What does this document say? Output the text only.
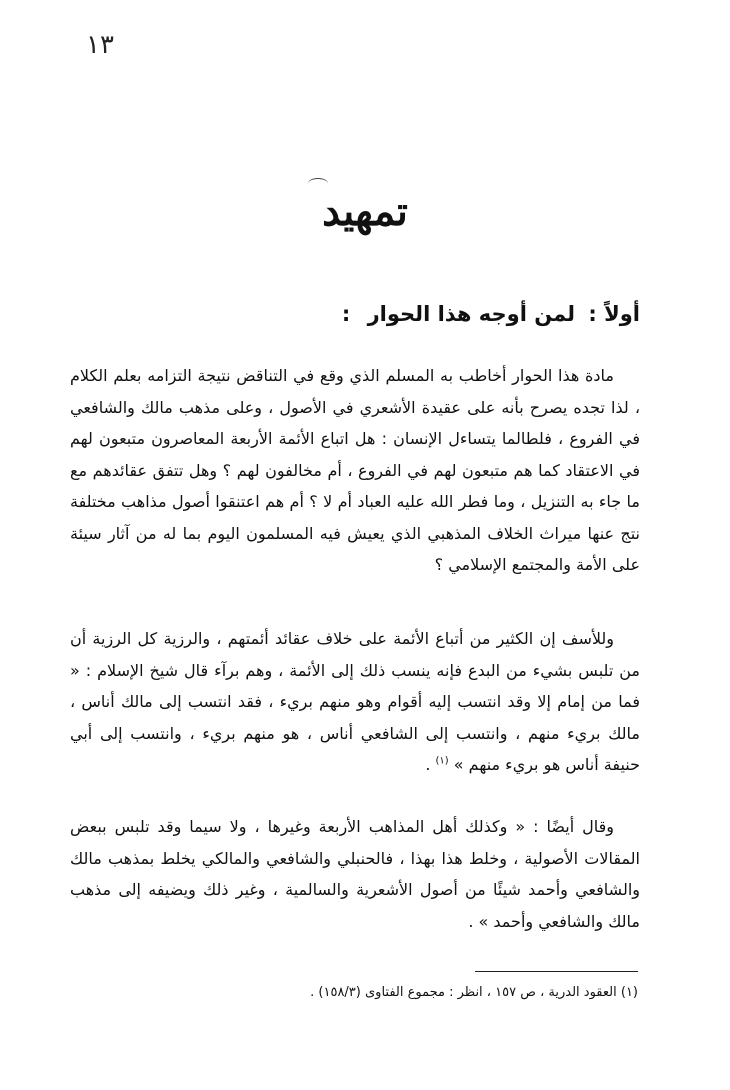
١٣
تمهيد
أولاً : لمن أوجه هذا الحوار :

مادة هذا الحوار أخاطب به المسلم الذي وقع في التناقض نتيجة التزامه بعلم الكلام ، لذا تجده يصرح بأنه على عقيدة الأشعري في الأصول ، وعلى مذهب مالك والشافعي في الفروع ، فلطالما يتساءل الإنسان : هل اتباع الأئمة الأربعة المعاصرون متبعون لهم في الاعتقاد كما هم متبعون لهم في الفروع ، أم مخالفون لهم ؟ وهل تتفق عقائدهم مع ما جاء به التنزيل ، وما فطر الله عليه العباد أم لا ؟ أم هم اعتنقوا أصول مذاهب مختلفة نتج عنها ميراث الخلاف المذهبي الذي يعيش فيه المسلمون اليوم بما له من آثار سيئة على الأمة والمجتمع الإسلامي ؟

وللأسف إن الكثير من أتباع الأئمة على خلاف عقائد أئمتهم ، والرزية كل الرزية أن من تلبس بشيء من البدع فإنه ينسب ذلك إلى الأئمة ، وهم برآء قال شيخ الإسلام : « فما من إمام إلا وقد انتسب إليه أقوام وهو منهم بريء ، فقد انتسب إلى مالك أناس ، مالك بريء منهم ، وانتسب إلى الشافعي أناس ، هو منهم بريء ، وانتسب إلى أبي حنيفة أناس هو بريء منهم » $^{(١)}$ .

وقال أيضًا : « وكذلك أهل المذاهب الأربعة وغيرها ، ولا سيما وقد تلبس ببعض المقالات الأصولية ، وخلط هذا بهذا ، فالحنبلي والشافعي والمالكي يخلط بمذهب مالك والشافعي وأحمد شيئًا من أصول الأشعرية والسالمية ، وغير ذلك ويضيفه إلى مذهب مالك والشافعي وأحمد » .

(١) العقود الدرية ، ص ١٥٧ ، انظر : مجموع الفتاوى (١٥٨/٣) .
